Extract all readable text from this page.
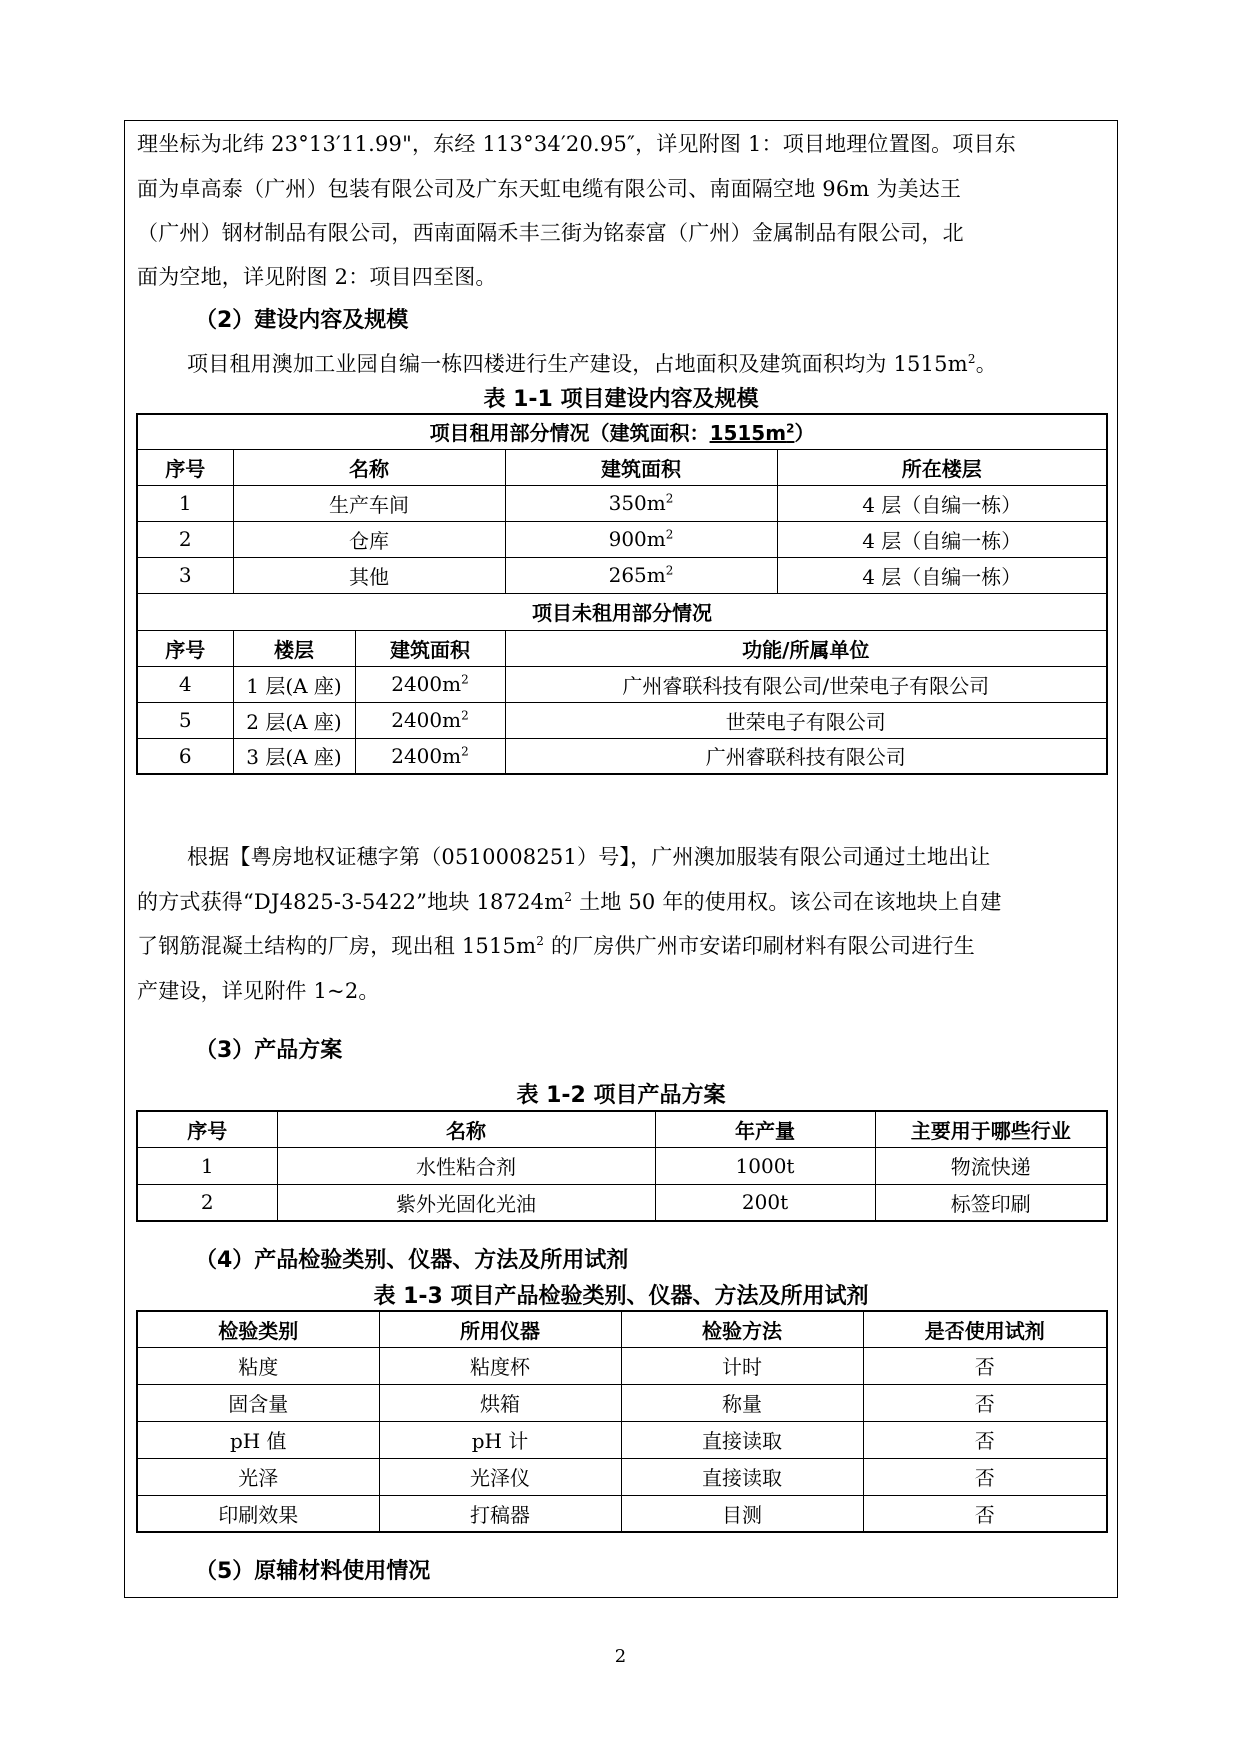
理坐标为北纬 23°13′11.99"，东经 113°34′20.95″，详见附图 1：项目地理位置图。项目东
面为卓高泰（广州）包装有限公司及广东天虹电缆有限公司、南面隔空地 96m 为美达王
（广州）钢材制品有限公司，西南面隔禾丰三街为铭泰富（广州）金属制品有限公司，北
面为空地，详见附图 2：项目四至图。
（2）建设内容及规模
项目租用澳加工业园自编一栋四楼进行生产建设，占地面积及建筑面积均为 $1515m^2$。
表 1-1 项目建设内容及规模
项目租用部分情况（建筑面积：$1515m^2$）				
序号	名称		建筑面积	所在楼层
1	生产车间		$350m^2$	4 层（自编一栋）
2	仓库		$900m^2$	4 层（自编一栋）
3	其他		$265m^2$	4 层（自编一栋）
项目未租用部分情况				
序号	楼层	建筑面积	功能/所属单位	
4	1 层(A 座)	$2400m^2$	广州睿联科技有限公司/世荣电子有限公司	
5	2 层(A 座)	$2400m^2$	世荣电子有限公司	
6	3 层(A 座)	$2400m^2$	广州睿联科技有限公司	
根据【粤房地权证穗字第（0510008251）号】，广州澳加服装有限公司通过土地出让
的方式获得“DJ4825-3-5422”地块 $18724m^2$ 土地 50 年的使用权。该公司在该地块上自建
了钢筋混凝土结构的厂房，现出租 $1515m^2$ 的厂房供广州市安诺印刷材料有限公司进行生
产建设，详见附件 1~2。
（3）产品方案
表 1-2 项目产品方案
序号	名称	年产量	主要用于哪些行业
1	水性粘合剂	1000t	物流快递
2	紫外光固化光油	200t	标签印刷
（4）产品检验类别、仪器、方法及所用试剂
表 1-3 项目产品检验类别、仪器、方法及所用试剂
检验类别	所用仪器	检验方法	是否使用试剂
粘度	粘度杯	计时	否
固含量	烘箱	称量	否
pH 值	pH 计	直接读取	否
光泽	光泽仪	直接读取	否
印刷效果	打稿器	目测	否
（5）原辅材料使用情况
2
